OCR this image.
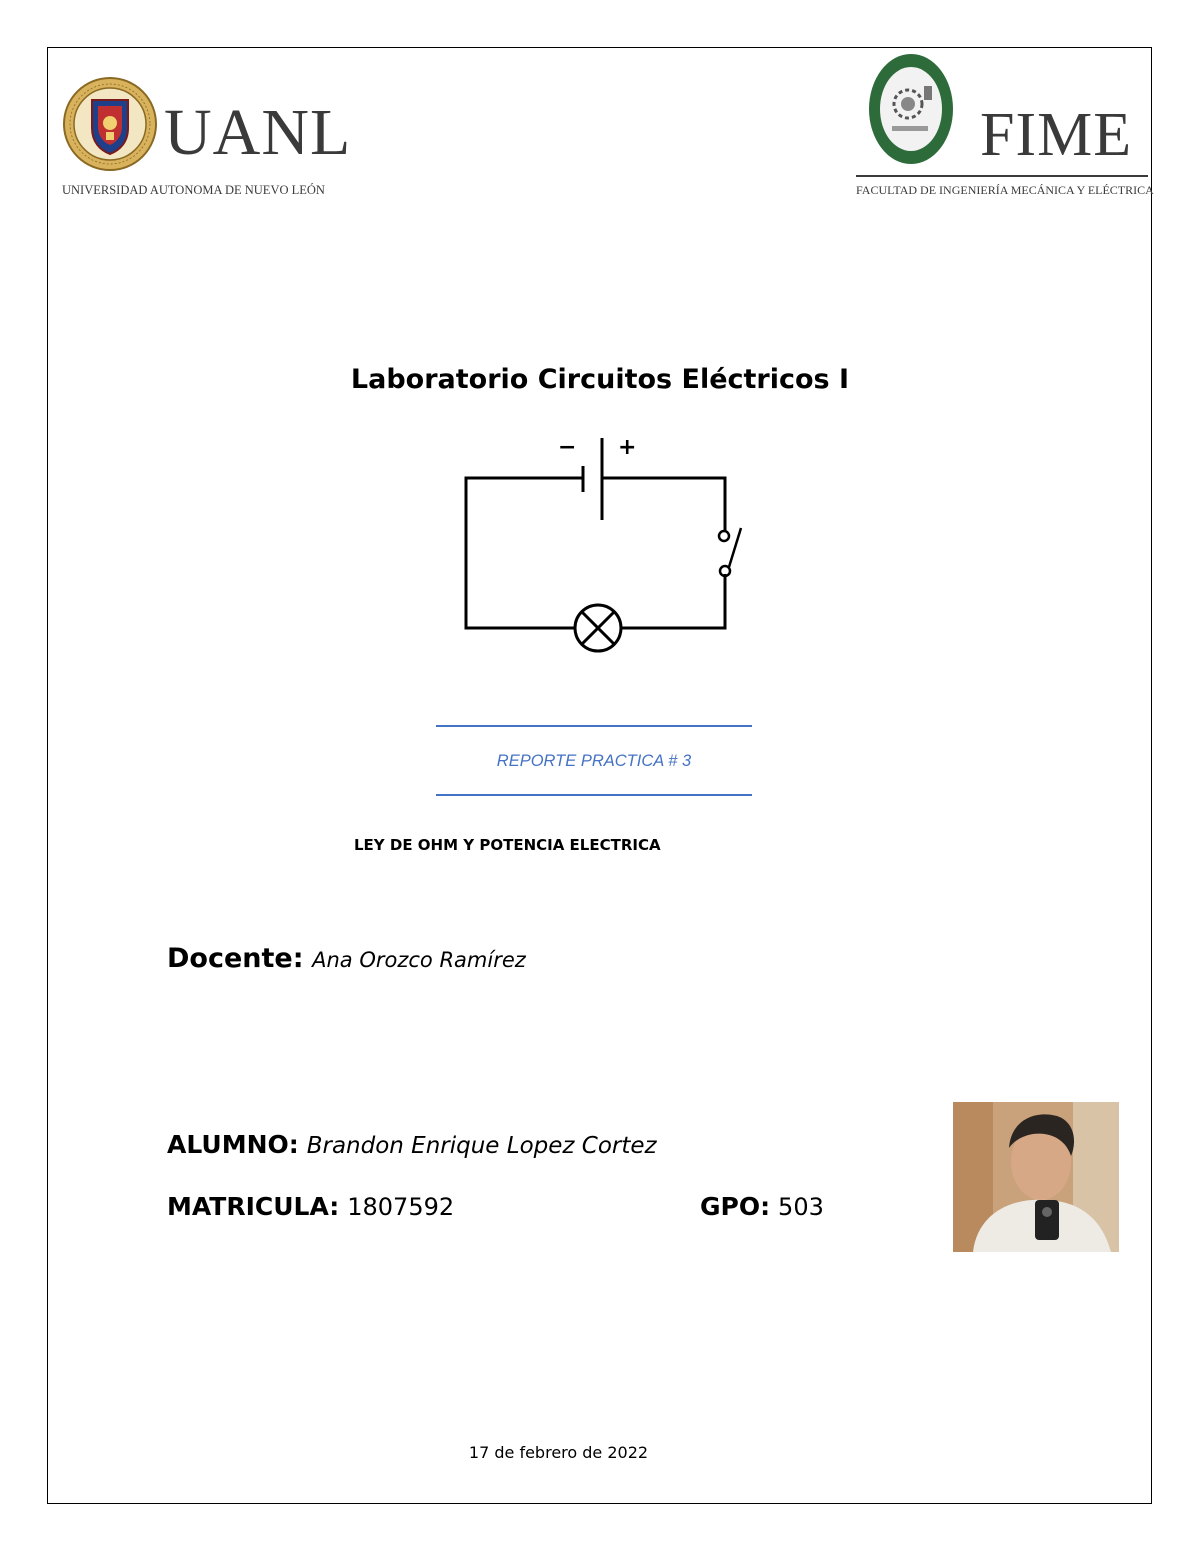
UANL
UNIVERSIDAD AUTONOMA DE NUEVO LEÓN
FIME
FACULTAD DE INGENIERÍA MECÁNICA Y ELÉCTRICA
Laboratorio Circuitos Eléctricos I
− +
REPORTE PRACTICA # 3
LEY DE OHM Y POTENCIA ELECTRICA
Docente: Ana Orozco Ramírez
ALUMNO: Brandon Enrique Lopez Cortez
MATRICULA: 1807592	GPO: 503
17 de febrero de 2022
